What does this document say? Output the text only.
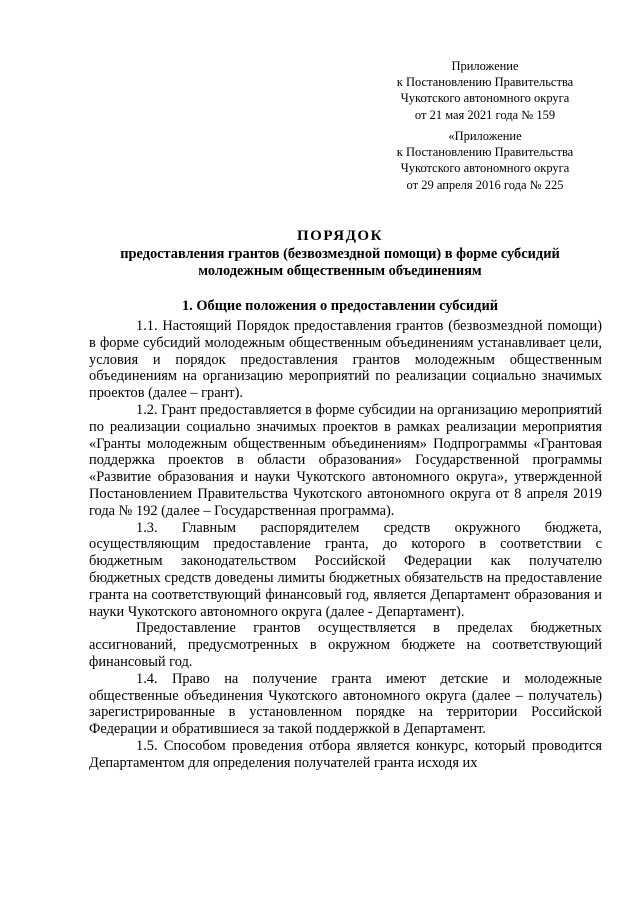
Приложение
к Постановлению Правительства
Чукотского автономного округа
от 21 мая 2021 года № 159
«Приложение
к Постановлению Правительства
Чукотского автономного округа
от 29 апреля 2016 года № 225
ПОРЯДОК
предоставления грантов (безвозмездной помощи) в форме субсидий
молодежным общественным объединениям
1. Общие положения о предоставлении субсидий

1.1. Настоящий Порядок предоставления грантов (безвозмездной помощи) в форме субсидий молодежным общественным объединениям устанавливает цели, условия и порядок предоставления грантов молодежным общественным объединениям на организацию мероприятий по реализации социально значимых проектов (далее – грант).

1.2. Грант предоставляется в форме субсидии на организацию мероприятий по реализации социально значимых проектов в рамках реализации мероприятия «Гранты молодежным общественным объединениям» Подпрограммы «Грантовая поддержка проектов в области образования» Государственной программы «Развитие образования и науки Чукотского автономного округа», утвержденной Постановлением Правительства Чукотского автономного округа от 8 апреля 2019 года № 192 (далее – Государственная программа).

1.3. Главным распорядителем средств окружного бюджета, осуществляющим предоставление гранта, до которого в соответствии с бюджетным законодательством Российской Федерации как получателю бюджетных средств доведены лимиты бюджетных обязательств на предоставление гранта на соответствующий финансовый год, является Департамент образования и науки Чукотского автономного округа (далее - Департамент).

Предоставление грантов осуществляется в пределах бюджетных ассигнований, предусмотренных в окружном бюджете на соответствующий финансовый год.

1.4. Право на получение гранта имеют детские и молодежные общественные объединения Чукотского автономного округа (далее – получатель) зарегистрированные в установленном порядке на территории Российской Федерации и обратившиеся за такой поддержкой в Департамент.

1.5. Способом проведения отбора является конкурс, который проводится Департаментом для определения получателей гранта исходя их
